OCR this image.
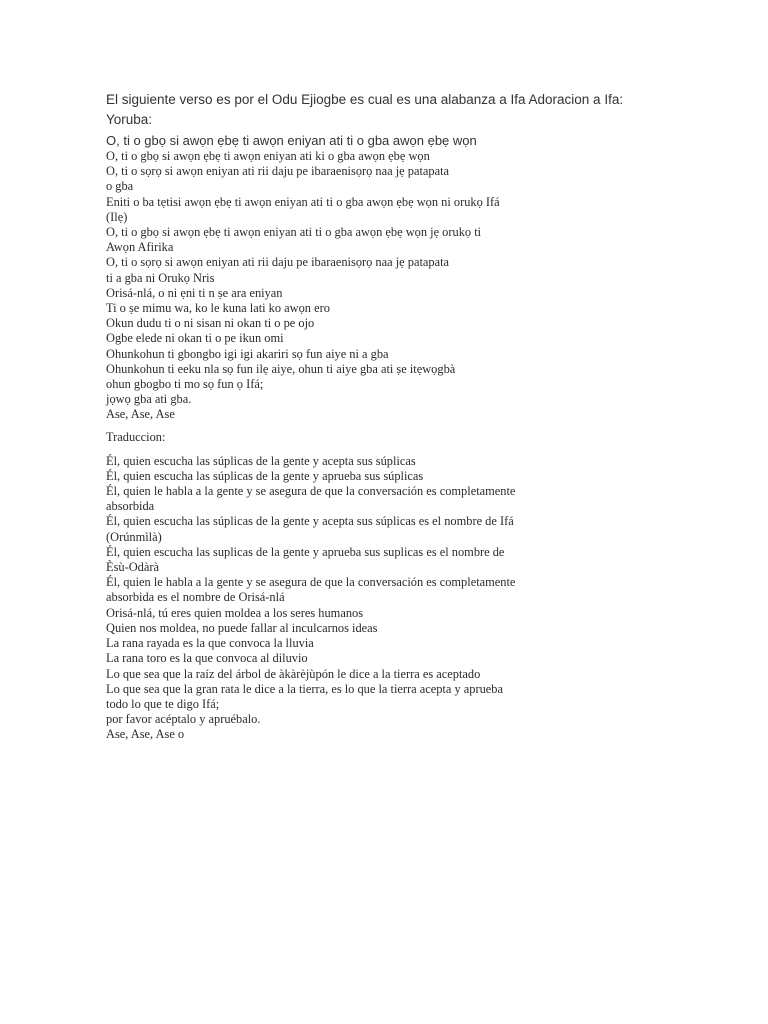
El siguiente verso es por el Odu Ejiogbe es cual es una alabanza a Ifa Adoracion a Ifa:

Yoruba:

O, ti o gbọ si awọn ẹbẹ ti awọn eniyan ati ti o gba awọn ẹbẹ wọn
O, ti o gbọ si awọn ẹbẹ ti awọn eniyan ati ki o gba awọn ẹbẹ wọn
O, ti o sọrọ si awọn eniyan ati rii daju pe ibaraenisọrọ naa jẹ patapata
o gba
Eniti o ba tẹtisi awọn ẹbẹ ti awọn eniyan ati ti o gba awọn ẹbẹ wọn ni orukọ Ifá
(Ilẹ)
O, ti o gbọ si awọn ẹbẹ ti awọn eniyan ati ti o gba awọn ẹbẹ wọn jẹ orukọ ti
Awọn Afirika
O, ti o sọrọ si awọn eniyan ati rii daju pe ibaraenisọrọ naa jẹ patapata
ti a gba ni Orukọ Nris
Orisá-nlá, o ni ẹni ti n ṣe ara eniyan
Ti o ṣe mimu wa, ko le kuna lati ko awọn ero
Okun dudu ti o ni sisan ni okan ti o pe ojo
Ogbe elede ni okan ti o pe ikun omi
Ohunkohun ti gbongbo igi igi akariri sọ fun aiye ni a gba
Ohunkohun ti eeku nla sọ fun ilẹ aiye, ohun ti aiye gba ati ṣe itẹwọgbà
ohun gbogbo ti mo sọ fun ọ Ifá;
jọwọ gba ati gba.
Ase, Ase, Ase

Traduccion:

Él, quien escucha las súplicas de la gente y acepta sus súplicas
Él, quien escucha las súplicas de la gente y aprueba sus súplicas
Él, quien le habla a la gente y se asegura de que la conversación es completamente
absorbida
Él, quien escucha las súplicas de la gente y acepta sus súplicas es el nombre de Ifá
(Orúnmìlà)
Él, quien escucha las suplicas de la gente y aprueba sus suplicas es el nombre de
Èsù-Odàrà
Él, quien le habla a la gente y se asegura de que la conversación es completamente
absorbida es el nombre de Orisá-nlá
Orisá-nlá, tú eres quien moldea a los seres humanos
Quien nos moldea, no puede fallar al inculcarnos ideas
La rana rayada es la que convoca la lluvia
La rana toro es la que convoca al diluvio
Lo que sea que la raíz del árbol de àkàrèjùpón le dice a la tierra es aceptado
Lo que sea que la gran rata le dice a la tierra, es lo que la tierra acepta y aprueba
todo lo que te digo Ifá;
por favor acéptalo y apruébalo.
Ase, Ase, Ase o
